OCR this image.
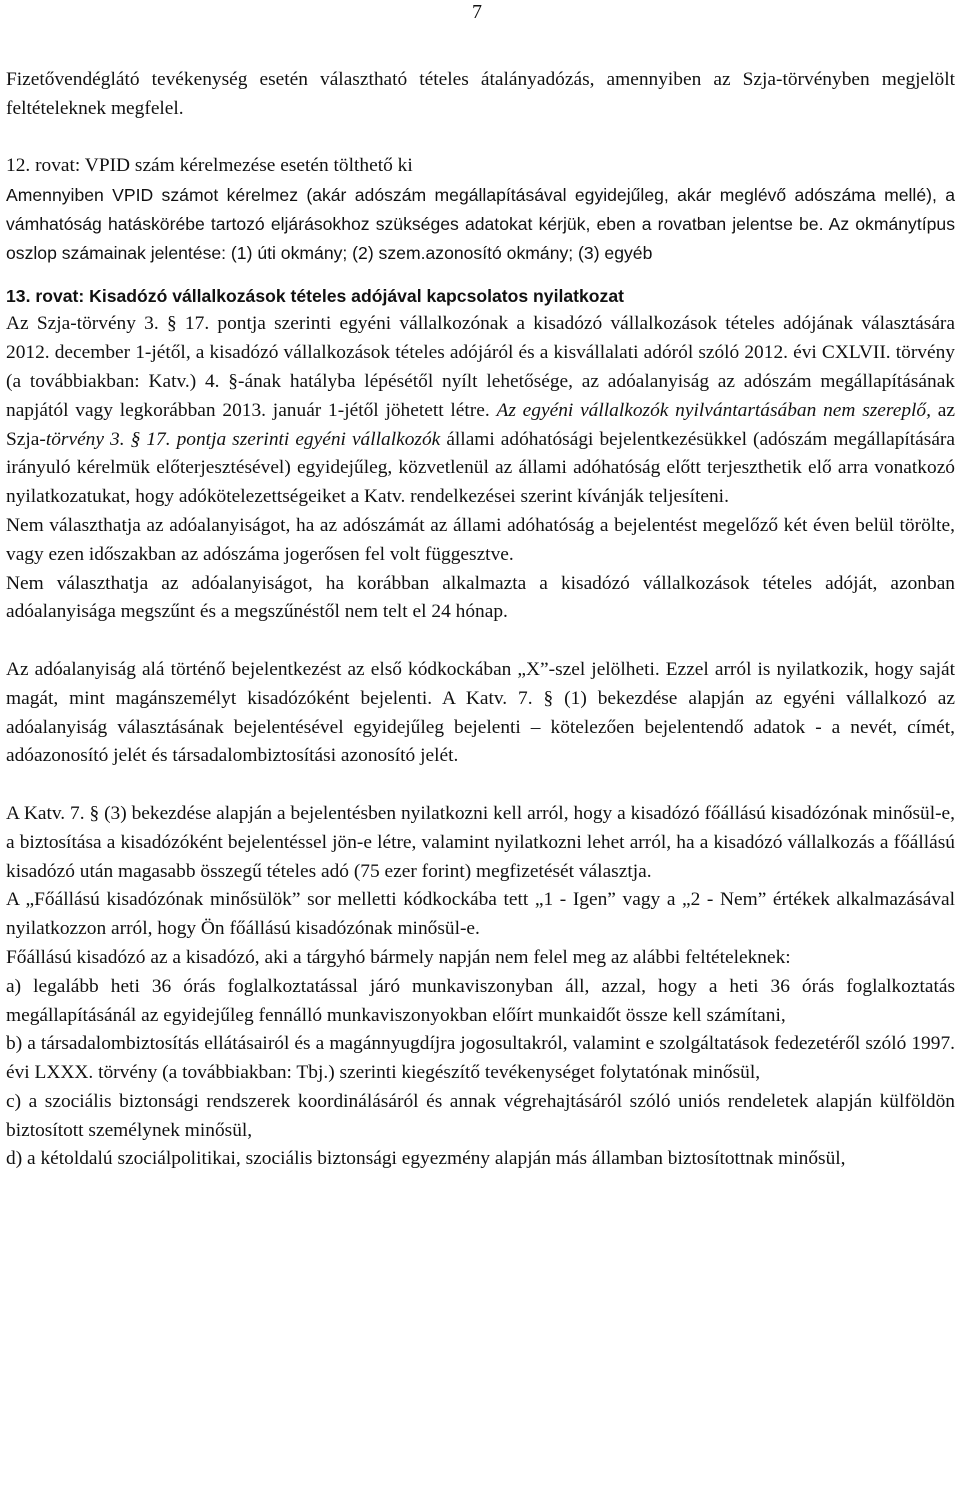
7

Fizetővendéglátó tevékenység esetén választható tételes átalányadózás, amennyiben az Szja-törvényben megjelölt feltételeknek megfelel.

12. rovat: VPID szám kérelmezése esetén tölthető ki

Amennyiben VPID számot kérelmez (akár adószám megállapításával egyidejűleg, akár meglévő adószáma mellé), a vámhatóság hatáskörébe tartozó eljárásokhoz szükséges adatokat kérjük, eben a rovatban jelentse be. Az okmánytípus oszlop számainak jelentése: (1) úti okmány; (2) szem.azonosító okmány; (3) egyéb

13. rovat: Kisadózó vállalkozások tételes adójával kapcsolatos nyilatkozat

Az Szja-törvény 3. § 17. pontja szerinti egyéni vállalkozónak a kisadózó vállalkozások tételes adójának választására 2012. december 1-jétől, a kisadózó vállalkozások tételes adójáról és a kisvállalati adóról szóló 2012. évi CXLVII. törvény (a továbbiakban: Katv.) 4. §-ának hatályba lépésétől nyílt lehetősége, az adóalanyiság az adószám megállapításának napjától vagy legkorábban 2013. január 1-jétől jöhetett létre. Az egyéni vállalkozók nyilvántartásában nem szereplő, az Szja-törvény 3. § 17. pontja szerinti egyéni vállalkozók állami adóhatósági bejelentkezésükkel (adószám megállapítására irányuló kérelmük előterjesztésével) egyidejűleg, közvetlenül az állami adóhatóság előtt terjeszthetik elő arra vonatkozó nyilatkozatukat, hogy adókötelezettségeiket a Katv. rendelkezései szerint kívánják teljesíteni.

Nem választhatja az adóalanyiságot, ha az adószámát az állami adóhatóság a bejelentést megelőző két éven belül törölte, vagy ezen időszakban az adószáma jogerősen fel volt függesztve.

Nem választhatja az adóalanyiságot, ha korábban alkalmazta a kisadózó vállalkozások tételes adóját, azonban adóalanyisága megszűnt és a megszűnéstől nem telt el 24 hónap.

Az adóalanyiság alá történő bejelentkezést az első kódkockában „X”-szel jelölheti. Ezzel arról is nyilatkozik, hogy saját magát, mint magánszemélyt kisadózóként bejelenti. A Katv. 7. § (1) bekezdése alapján az egyéni vállalkozó az adóalanyiság választásának bejelentésével egyidejűleg bejelenti ‒ kötelezően bejelentendő adatok - a nevét, címét, adóazonosító jelét és társadalombiztosítási azonosító jelét.

A Katv. 7. § (3) bekezdése alapján a bejelentésben nyilatkozni kell arról, hogy a kisadózó főállású kisadózónak minősül-e, a biztosítása a kisadózóként bejelentéssel jön-e létre, valamint nyilatkozni lehet arról, ha a kisadózó vállalkozás a főállású kisadózó után magasabb összegű tételes adó (75 ezer forint) megfizetését választja.

A „Főállású kisadózónak minősülök” sor melletti kódkockába tett „1 - Igen” vagy a „2 - Nem” értékek alkalmazásával nyilatkozzon arról, hogy Ön főállású kisadózónak minősül-e.

Főállású kisadózó az a kisadózó, aki a tárgyhó bármely napján nem felel meg az alábbi feltételeknek:

a) legalább heti 36 órás foglalkoztatással járó munkaviszonyban áll, azzal, hogy a heti 36 órás foglalkoztatás megállapításánál az egyidejűleg fennálló munkaviszonyokban előírt munkaidőt össze kell számítani,

b) a társadalombiztosítás ellátásairól és a magánnyugdíjra jogosultakról, valamint e szolgáltatások fedezetéről szóló 1997. évi LXXX. törvény (a továbbiakban: Tbj.) szerinti kiegészítő tevékenységet folytatónak minősül,

c) a szociális biztonsági rendszerek koordinálásáról és annak végrehajtásáról szóló uniós rendeletek alapján külföldön biztosított személynek minősül,

d) a kétoldalú szociálpolitikai, szociális biztonsági egyezmény alapján más államban biztosítottnak minősül,
